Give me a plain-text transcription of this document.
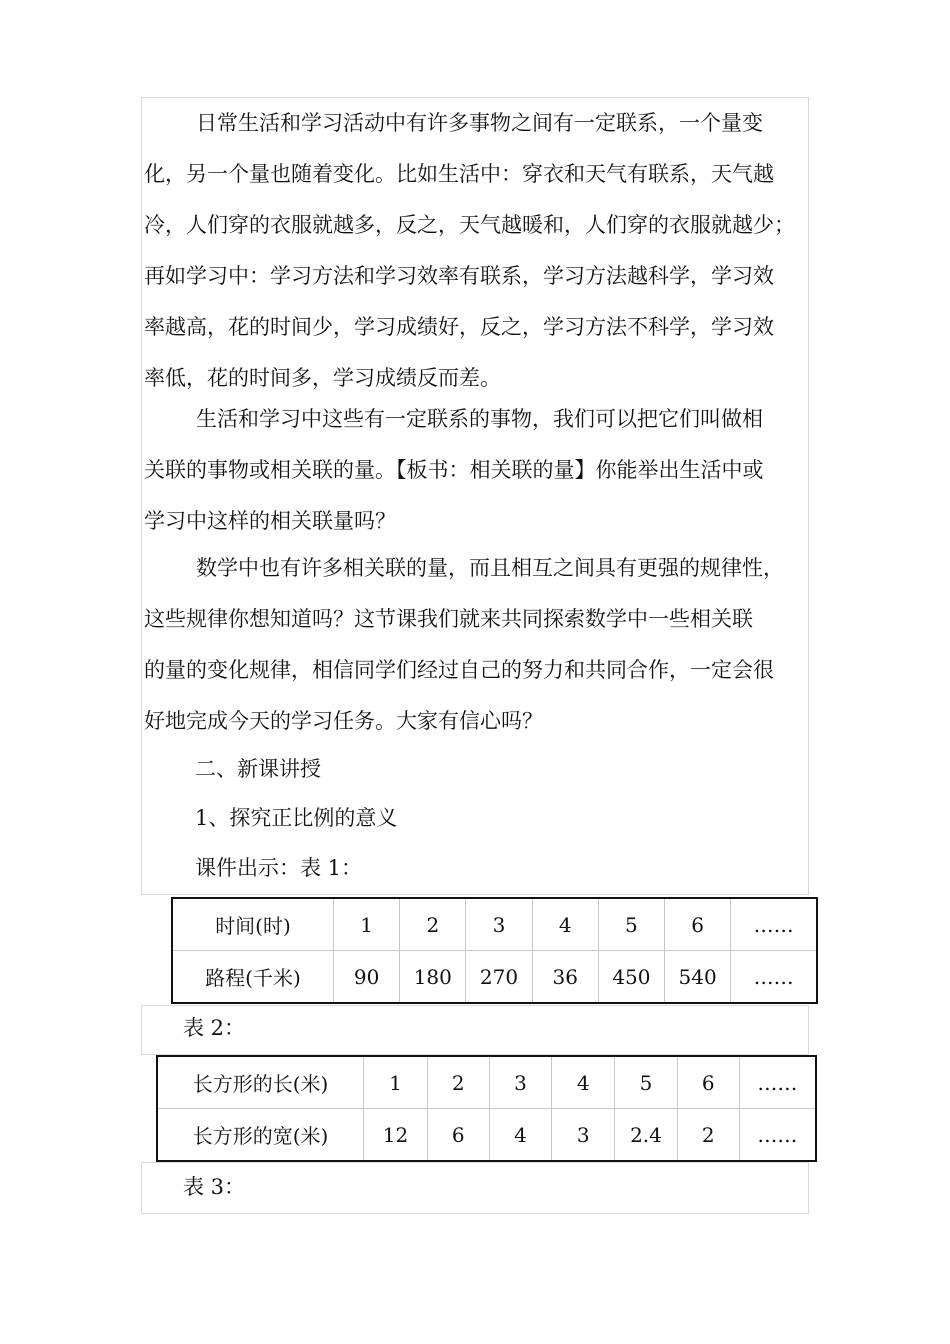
日常生活和学习活动中有许多事物之间有一定联系，一个量变
化，另一个量也随着变化。比如生活中：穿衣和天气有联系，天气越
冷，人们穿的衣服就越多，反之，天气越暖和，人们穿的衣服就越少；
再如学习中：学习方法和学习效率有联系，学习方法越科学，学习效
率越高，花的时间少，学习成绩好，反之，学习方法不科学，学习效
率低，花的时间多，学习成绩反而差。
生活和学习中这些有一定联系的事物，我们可以把它们叫做相
关联的事物或相关联的量。【板书：相关联的量】你能举出生活中或
学习中这样的相关联量吗？
数学中也有许多相关联的量，而且相互之间具有更强的规律性，
这些规律你想知道吗？这节课我们就来共同探索数学中一些相关联
的量的变化规律，相信同学们经过自己的努力和共同合作，一定会很
好地完成今天的学习任务。大家有信心吗？
二、新课讲授
1、探究正比例的意义
课件出示：表 1：
时间(时)	1	2	3	4	5	6	……
路程(千米)	90	180	270	36	450	540	……
表 2：
长方形的长(米)	1	2	3	4	5	6	……
长方形的宽(米)	12	6	4	3	2.4	2	……
表 3：
